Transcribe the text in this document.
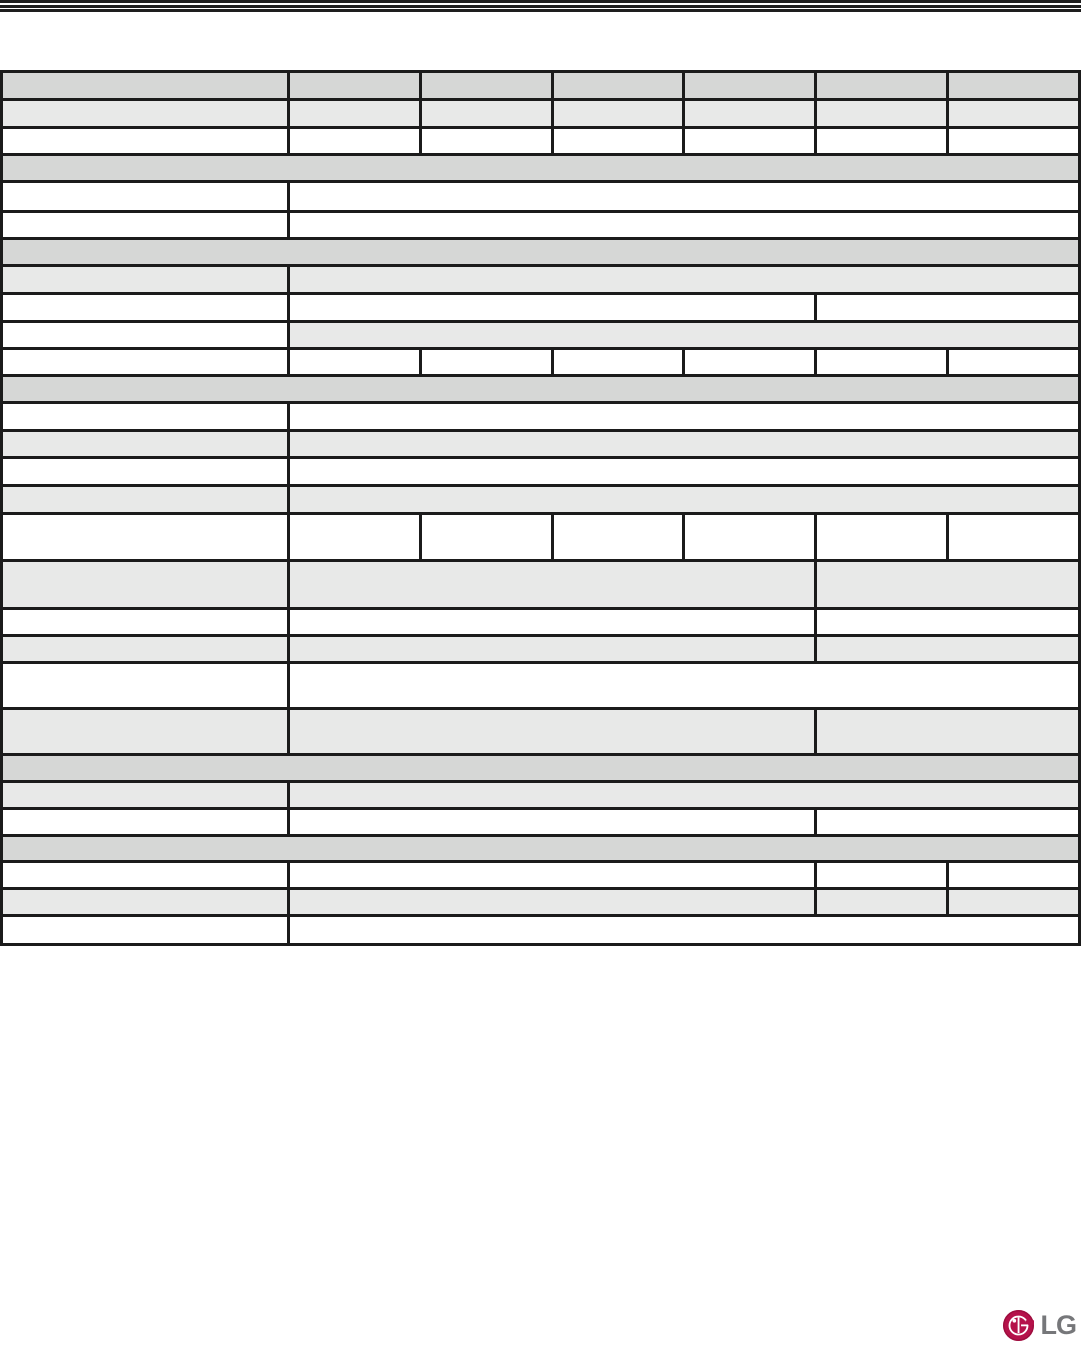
LG
